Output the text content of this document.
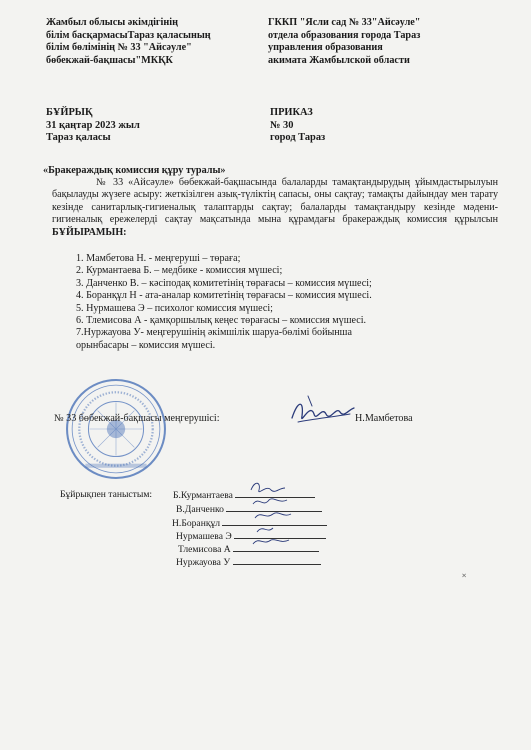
Жамбыл облысы әкімдігінің
білім басқармасыТараз қаласының
білім бөлімінің № 33 "Айсәуле"
бөбекжай-бақшасы"МКҚК
ГККП "Ясли сад № 33"Айсәуле"
отдела образования города Тараз
управления образования
акимата Жамбылской области
БҰЙРЫҚ
31 қаңтар 2023 жыл
Тараз қаласы
ПРИКАЗ
№ 30
город Тараз
«Бракераждық комиссия құру туралы»

№ 33 «Айсәуле» бөбекжай-бақшасында балаларды тамақтандырудың ұйымдастырылуын бақылауды жүзеге асыру: жеткізілген азық-түліктің сапасы, оны сақтау; тамақты дайындау мен тарату кезінде санитарлық-гигиеналық талаптарды сақтау; балаларды тамақтандыру кезінде мәдени-гигиеналық ережелерді сақтау мақсатында мына құрамдағы бракераждық комиссия құрылсын БҰЙЫРАМЫН:

1. Мамбетова Н. - меңгеруші – төраға;
2. Курмантаева Б. – медбике - комиссия мүшесі;
3. Данченко В. – кәсіподақ комитетінің төрағасы – комиссия мүшесі;
4. Боранқұл Н - ата-аналар комитетінің төрағасы – комиссия мүшесі.
5. Нурмашева Э – психолог комиссия мүшесі;
6. Тлемисова А - қамқоршылық кеңес төрағасы – комиссия мүшесі.
7.Нуржауова У- меңгерушінің әкімшілік шаруа-бөлімі бойынша
орынбасары – комиссия мүшесі.
№ 33 бөбекжай-бақшасы меңгерушісі:	Н.Мамбетова
Бұйрықпен таныстым: Б.Курмантаева
В.Данченко
Н.Боранқұл
Нурмашева Э
Тлемисова А
Нуржауова У
˟
